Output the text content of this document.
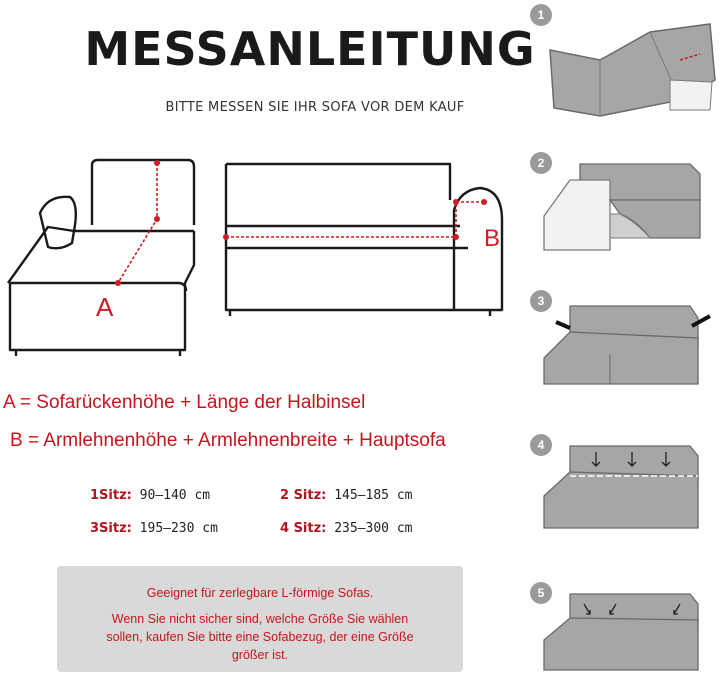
MESSANLEITUNG
BITTE MESSEN SIE IHR SOFA VOR DEM KAUF
A
B
A = Sofarückenhöhe + Länge der Halbinsel
B = Armlehnenhöhe + Armlehnenbreite + Hauptsofa
1Sitz: 90–140 cm	2 Sitz: 145–185 cm
3Sitz: 195–230 cm	4 Sitz: 235–300 cm
Geeignet für zerlegbare L-förmige Sofas.
Wenn Sie nicht sicher sind, welche Größe Sie wählen
sollen, kaufen Sie bitte eine Sofabezug, der eine Größe
größer ist.
1
2
3
4
5
